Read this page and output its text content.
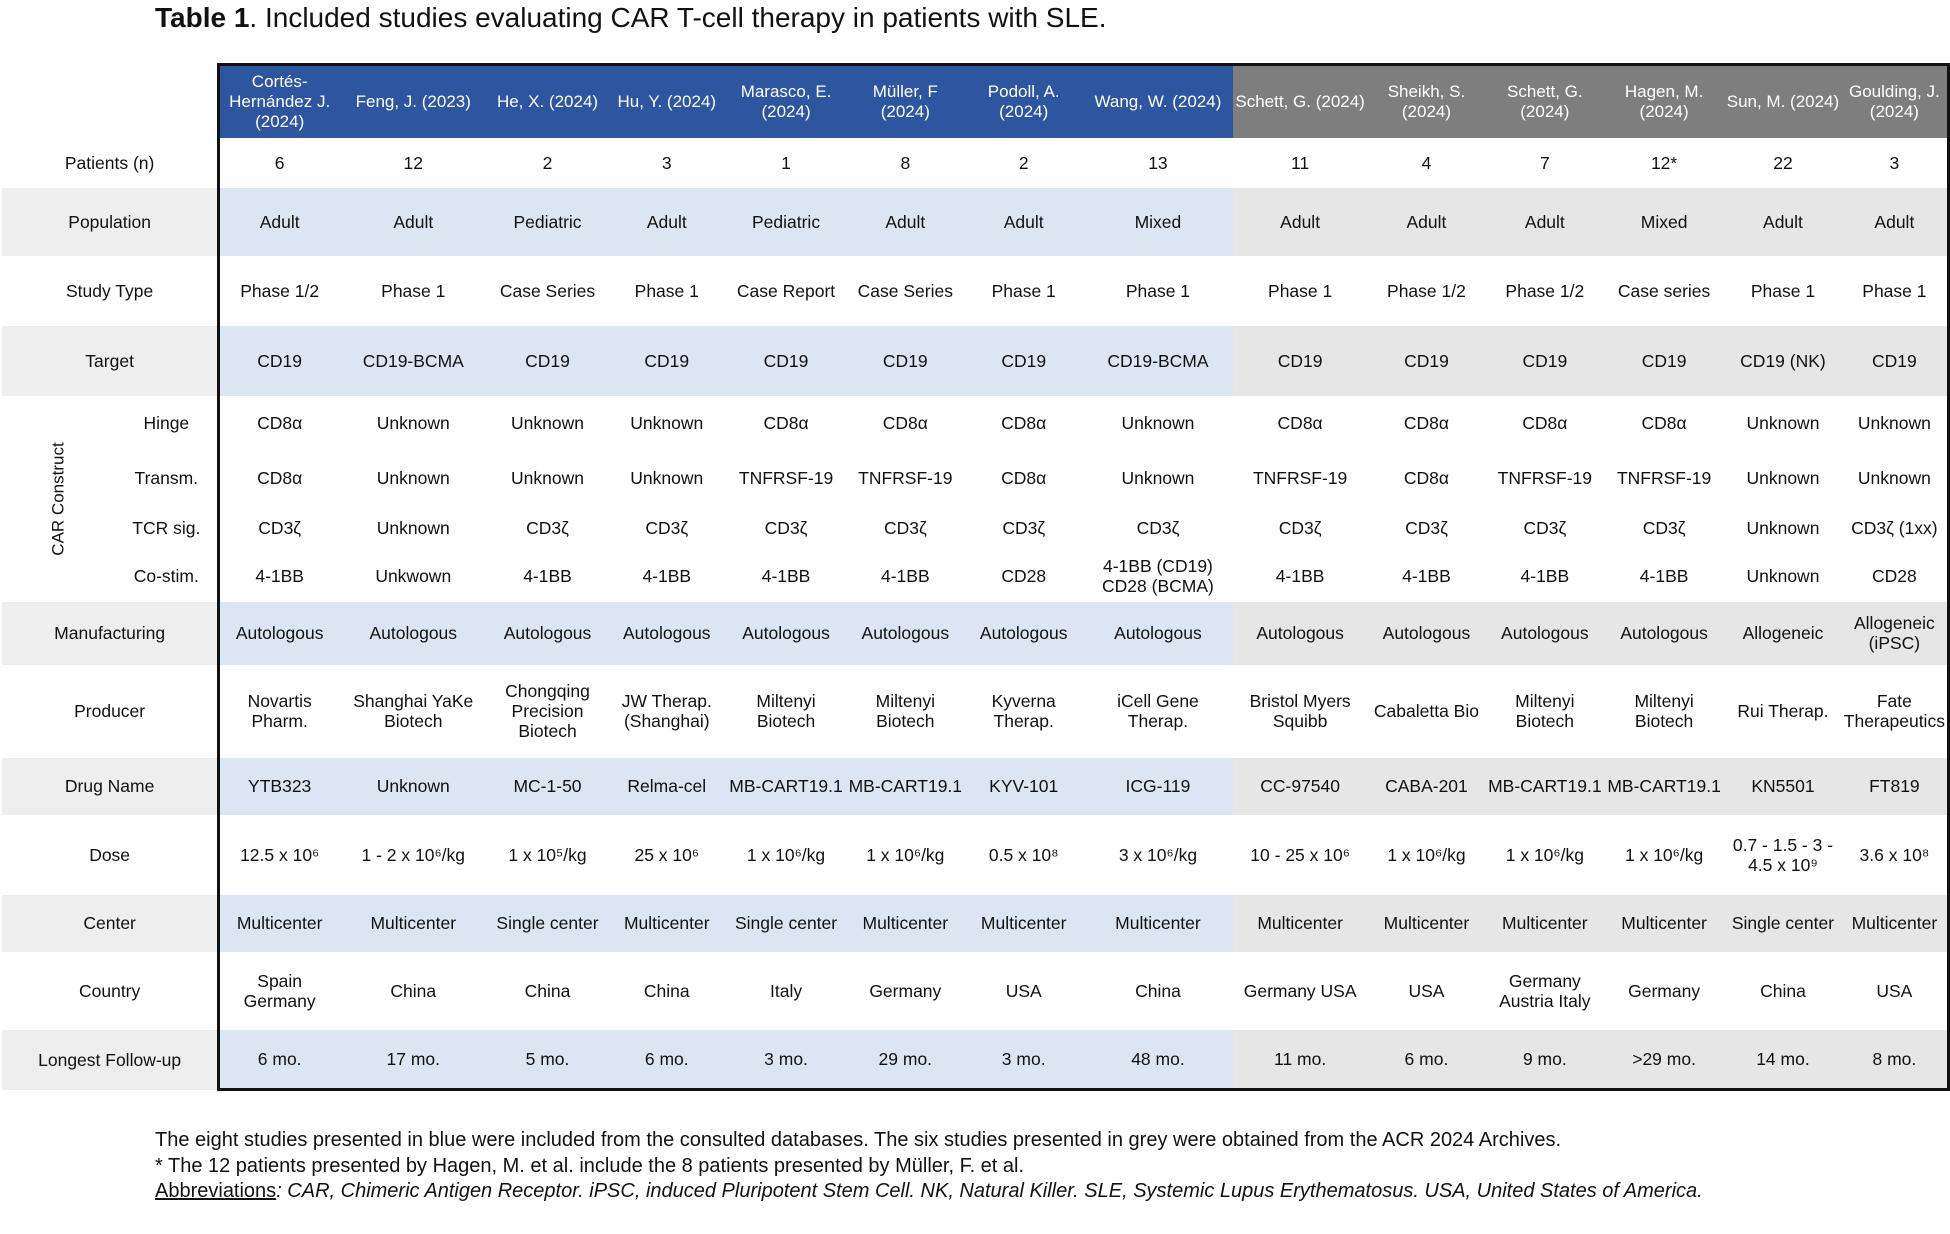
Table 1. Included studies evaluating CAR T-cell therapy in patients with SLE.
		Cortés-Hernández J. (2024)	Feng, J. (2023)	He, X. (2024)	Hu, Y. (2024)	Marasco, E. (2024)	Müller, F (2024)	Podoll, A. (2024)	Wang, W. (2024)	Schett, G. (2024)	Sheikh, S. (2024)	Schett, G. (2024)	Hagen, M. (2024)	Sun, M. (2024)	Goulding, J. (2024)
Patients (n)		6	12	2	3	1	8	2	13	11	4	7	12*	22	3
Population		Adult	Adult	Pediatric	Adult	Pediatric	Adult	Adult	Mixed	Adult	Adult	Adult	Mixed	Adult	Adult
Study Type		Phase 1/2	Phase 1	Case Series	Phase 1	Case Report	Case Series	Phase 1	Phase 1	Phase 1	Phase 1/2	Phase 1/2	Case series	Phase 1	Phase 1
Target		CD19	CD19-BCMA	CD19	CD19	CD19	CD19	CD19	CD19-BCMA	CD19	CD19	CD19	CD19	CD19 (NK)	CD19
CAR Construct	Hinge	CD8α	Unknown	Unknown	Unknown	CD8α	CD8α	CD8α	Unknown	CD8α	CD8α	CD8α	CD8α	Unknown	Unknown
	Transm.	CD8α	Unknown	Unknown	Unknown	TNFRSF-19	TNFRSF-19	CD8α	Unknown	TNFRSF-19	CD8α	TNFRSF-19	TNFRSF-19	Unknown	Unknown
	TCR sig.	CD3ζ	Unknown	CD3ζ	CD3ζ	CD3ζ	CD3ζ	CD3ζ	CD3ζ	CD3ζ	CD3ζ	CD3ζ	CD3ζ	Unknown	CD3ζ (1xx)
	Co-stim.	4-1BB	Unkwown	4-1BB	4-1BB	4-1BB	4-1BB	CD28	4-1BB (CD19) CD28 (BCMA)	4-1BB	4-1BB	4-1BB	4-1BB	Unknown	CD28
Manufacturing		Autologous	Autologous	Autologous	Autologous	Autologous	Autologous	Autologous	Autologous	Autologous	Autologous	Autologous	Autologous	Allogeneic	Allogeneic (iPSC)
Producer		Novartis Pharm.	Shanghai YaKe Biotech	Chongqing Precision Biotech	JW Therap. (Shanghai)	Miltenyi Biotech	Miltenyi Biotech	Kyverna Therap.	iCell Gene Therap.	Bristol Myers Squibb	Cabaletta Bio	Miltenyi Biotech	Miltenyi Biotech	Rui Therap.	Fate Therapeutics
Drug Name		YTB323	Unknown	MC-1-50	Relma-cel	MB-CART19.1	MB-CART19.1	KYV-101	ICG-119	CC-97540	CABA-201	MB-CART19.1	MB-CART19.1	KN5501	FT819
Dose		12.5 x 10⁶	1 - 2 x 10⁶/kg	1 x 10⁵/kg	25 x 10⁶	1 x 10⁶/kg	1 x 10⁶/kg	0.5 x 10⁸	3 x 10⁶/kg	10 - 25 x 10⁶	1 x 10⁶/kg	1 x 10⁶/kg	1 x 10⁶/kg	0.7 - 1.5 - 3 - 4.5 x 10⁹	3.6 x 10⁸
Center		Multicenter	Multicenter	Single center	Multicenter	Single center	Multicenter	Multicenter	Multicenter	Multicenter	Multicenter	Multicenter	Multicenter	Single center	Multicenter
Country		Spain Germany	China	China	China	Italy	Germany	USA	China	Germany USA	USA	Germany Austria Italy	Germany	China	USA
Longest Follow-up		6 mo.	17 mo.	5 mo.	6 mo.	3 mo.	29 mo.	3 mo.	48 mo.	11 mo.	6 mo.	9 mo.	>29 mo.	14 mo.	8 mo.
The eight studies presented in blue were included from the consulted databases. The six studies presented in grey were obtained from the ACR 2024 Archives.
* The 12 patients presented by Hagen, M. et al. include the 8 patients presented by Müller, F. et al.
Abbreviations: CAR, Chimeric Antigen Receptor. iPSC, induced Pluripotent Stem Cell. NK, Natural Killer. SLE, Systemic Lupus Erythematosus. USA, United States of America.
